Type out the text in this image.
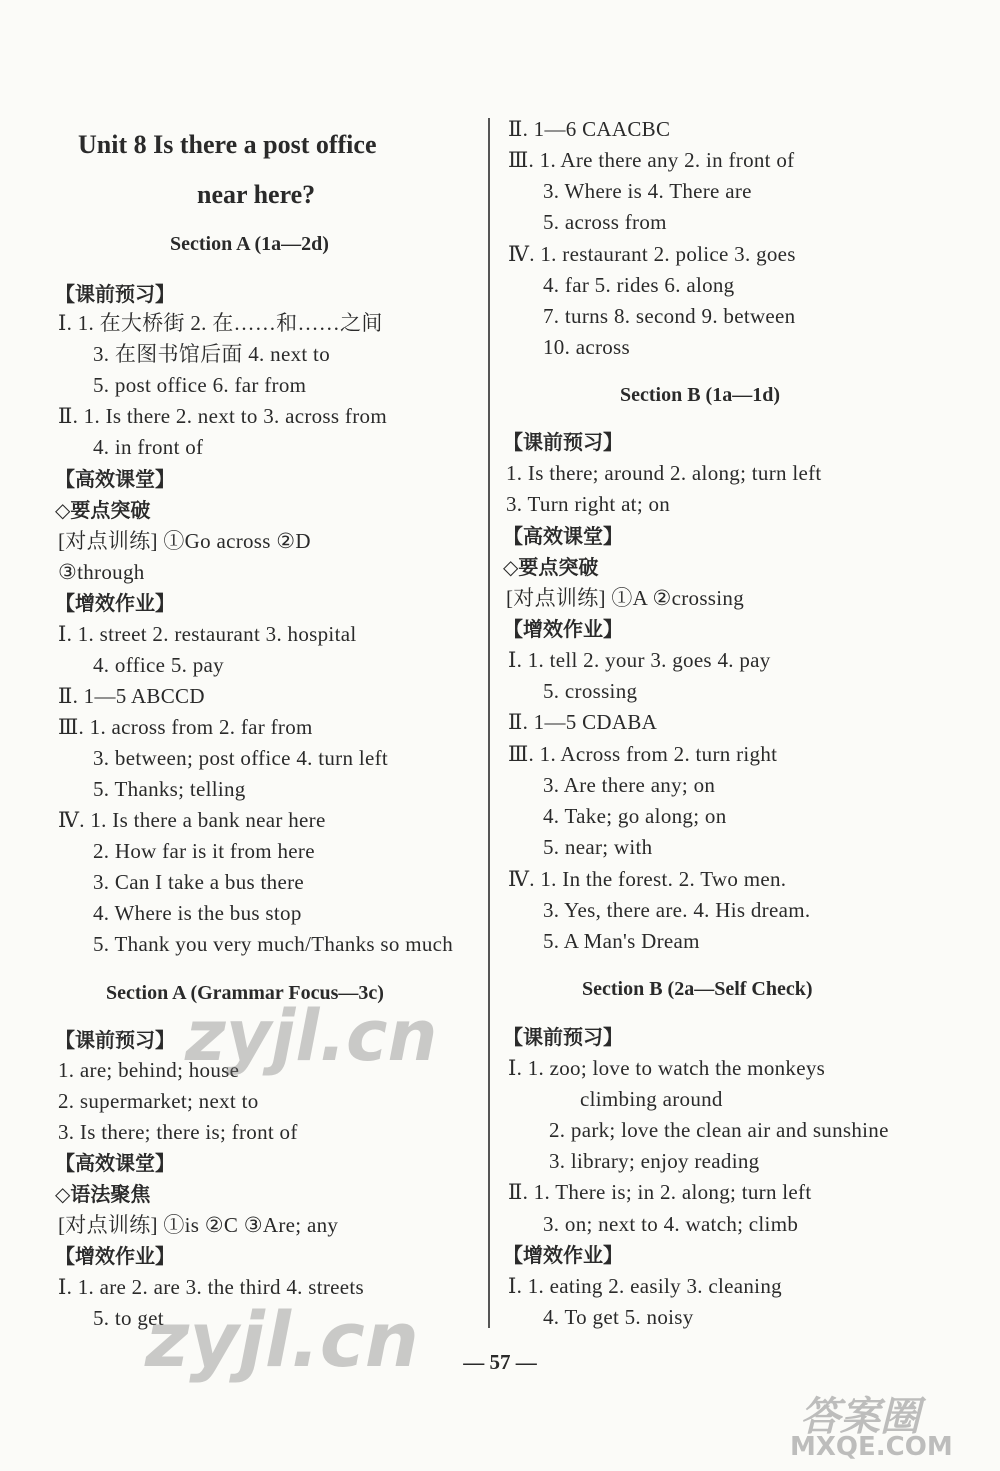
Unit 8 Is there a post office
near here?
Section A (1a—2d)
【课前预习】
Ⅰ. 1. 在大桥街 2. 在……和……之间
3. 在图书馆后面 4. next to
5. post office 6. far from
Ⅱ. 1. Is there 2. next to 3. across from
4. in front of
【高效课堂】
◇要点突破
[对点训练] ①Go across ②D
③through
【增效作业】
Ⅰ. 1. street 2. restaurant 3. hospital
4. office 5. pay
Ⅱ. 1—5 ABCCD
Ⅲ. 1. across from 2. far from
3. between; post office 4. turn left
5. Thanks; telling
Ⅳ. 1. Is there a bank near here
2. How far is it from here
3. Can I take a bus there
4. Where is the bus stop
5. Thank you very much/Thanks so much
Section A (Grammar Focus—3c)
【课前预习】
1. are; behind; house
2. supermarket; next to
3. Is there; there is; front of
【高效课堂】
◇语法聚焦
[对点训练] ①is ②C ③Are; any
【增效作业】
Ⅰ. 1. are 2. are 3. the third 4. streets
5. to get
Ⅱ. 1—6 CAACBC
Ⅲ. 1. Are there any 2. in front of
3. Where is 4. There are
5. across from
Ⅳ. 1. restaurant 2. police 3. goes
4. far 5. rides 6. along
7. turns 8. second 9. between
10. across
Section B (1a—1d)
【课前预习】
1. Is there; around 2. along; turn left
3. Turn right at; on
【高效课堂】
◇要点突破
[对点训练] ①A ②crossing
【增效作业】
Ⅰ. 1. tell 2. your 3. goes 4. pay
5. crossing
Ⅱ. 1—5 CDABA
Ⅲ. 1. Across from 2. turn right
3. Are there any; on
4. Take; go along; on
5. near; with
Ⅳ. 1. In the forest. 2. Two men.
3. Yes, there are. 4. His dream.
5. A Man's Dream
Section B (2a—Self Check)
【课前预习】
Ⅰ. 1. zoo; love to watch the monkeys
climbing around
2. park; love the clean air and sunshine
3. library; enjoy reading
Ⅱ. 1. There is; in 2. along; turn left
3. on; next to 4. watch; climb
【增效作业】
Ⅰ. 1. eating 2. easily 3. cleaning
4. To get 5. noisy
— 57 —
zyjl.cn
zyjl.cn
答案圈
MXQE.COM
